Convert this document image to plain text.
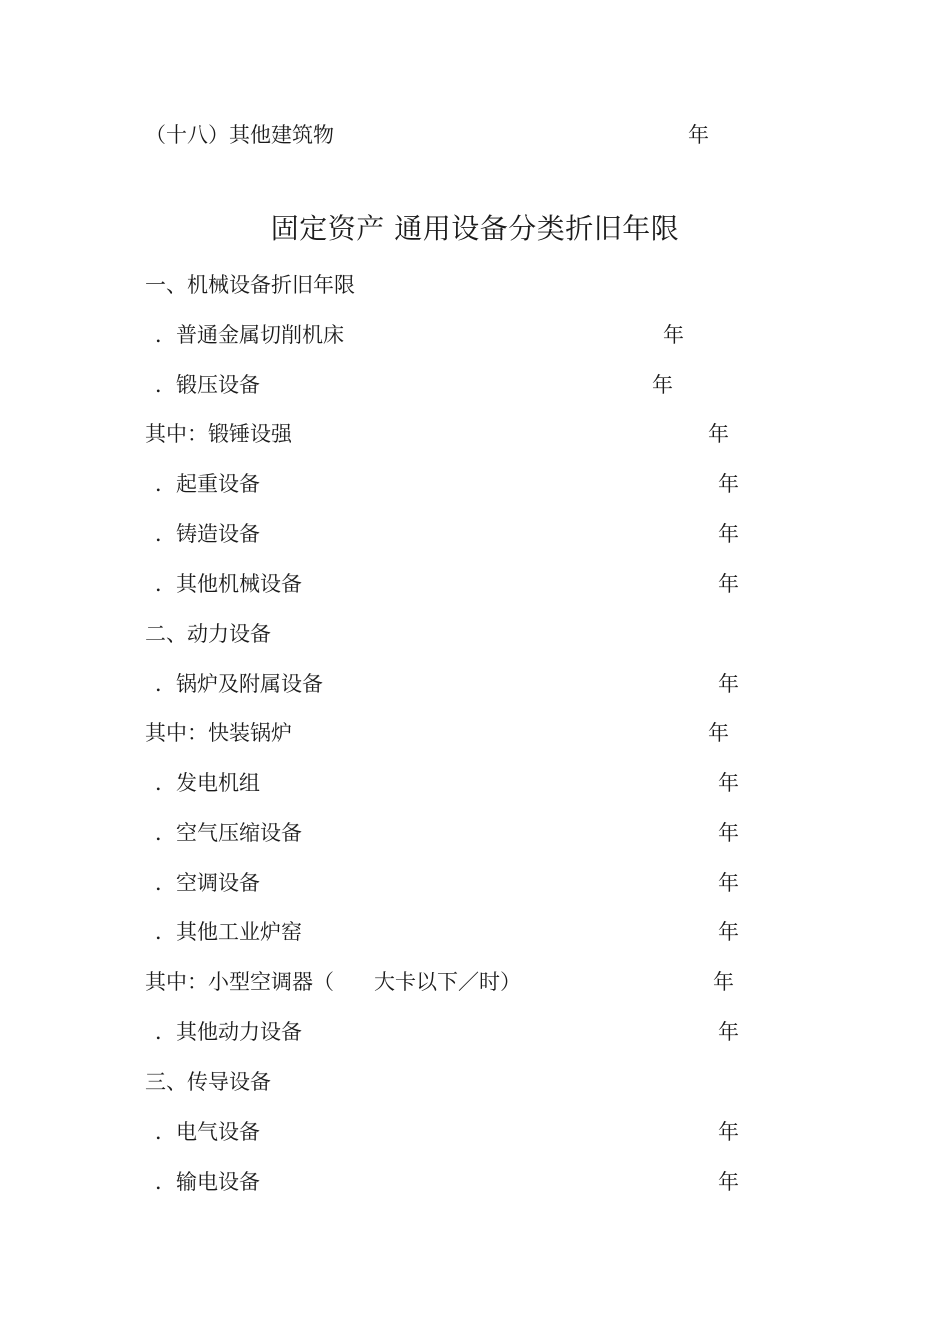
（十八）其他建筑物	年
固定资产 通用设备分类折旧年限
一、机械设备折旧年限
．普通金属切削机床	年
．锻压设备	年
其中：锻锤设强	年
．起重设备	年
．铸造设备	年
．其他机械设备	年
二、动力设备
．锅炉及附属设备	年
其中：快装锅炉	年
．发电机组	年
．空气压缩设备	年
．空调设备	年
．其他工业炉窑	年
其中：小型空调器（      大卡以下／时）	年
．其他动力设备	年
三、传导设备
．电气设备	年
．输电设备	年
